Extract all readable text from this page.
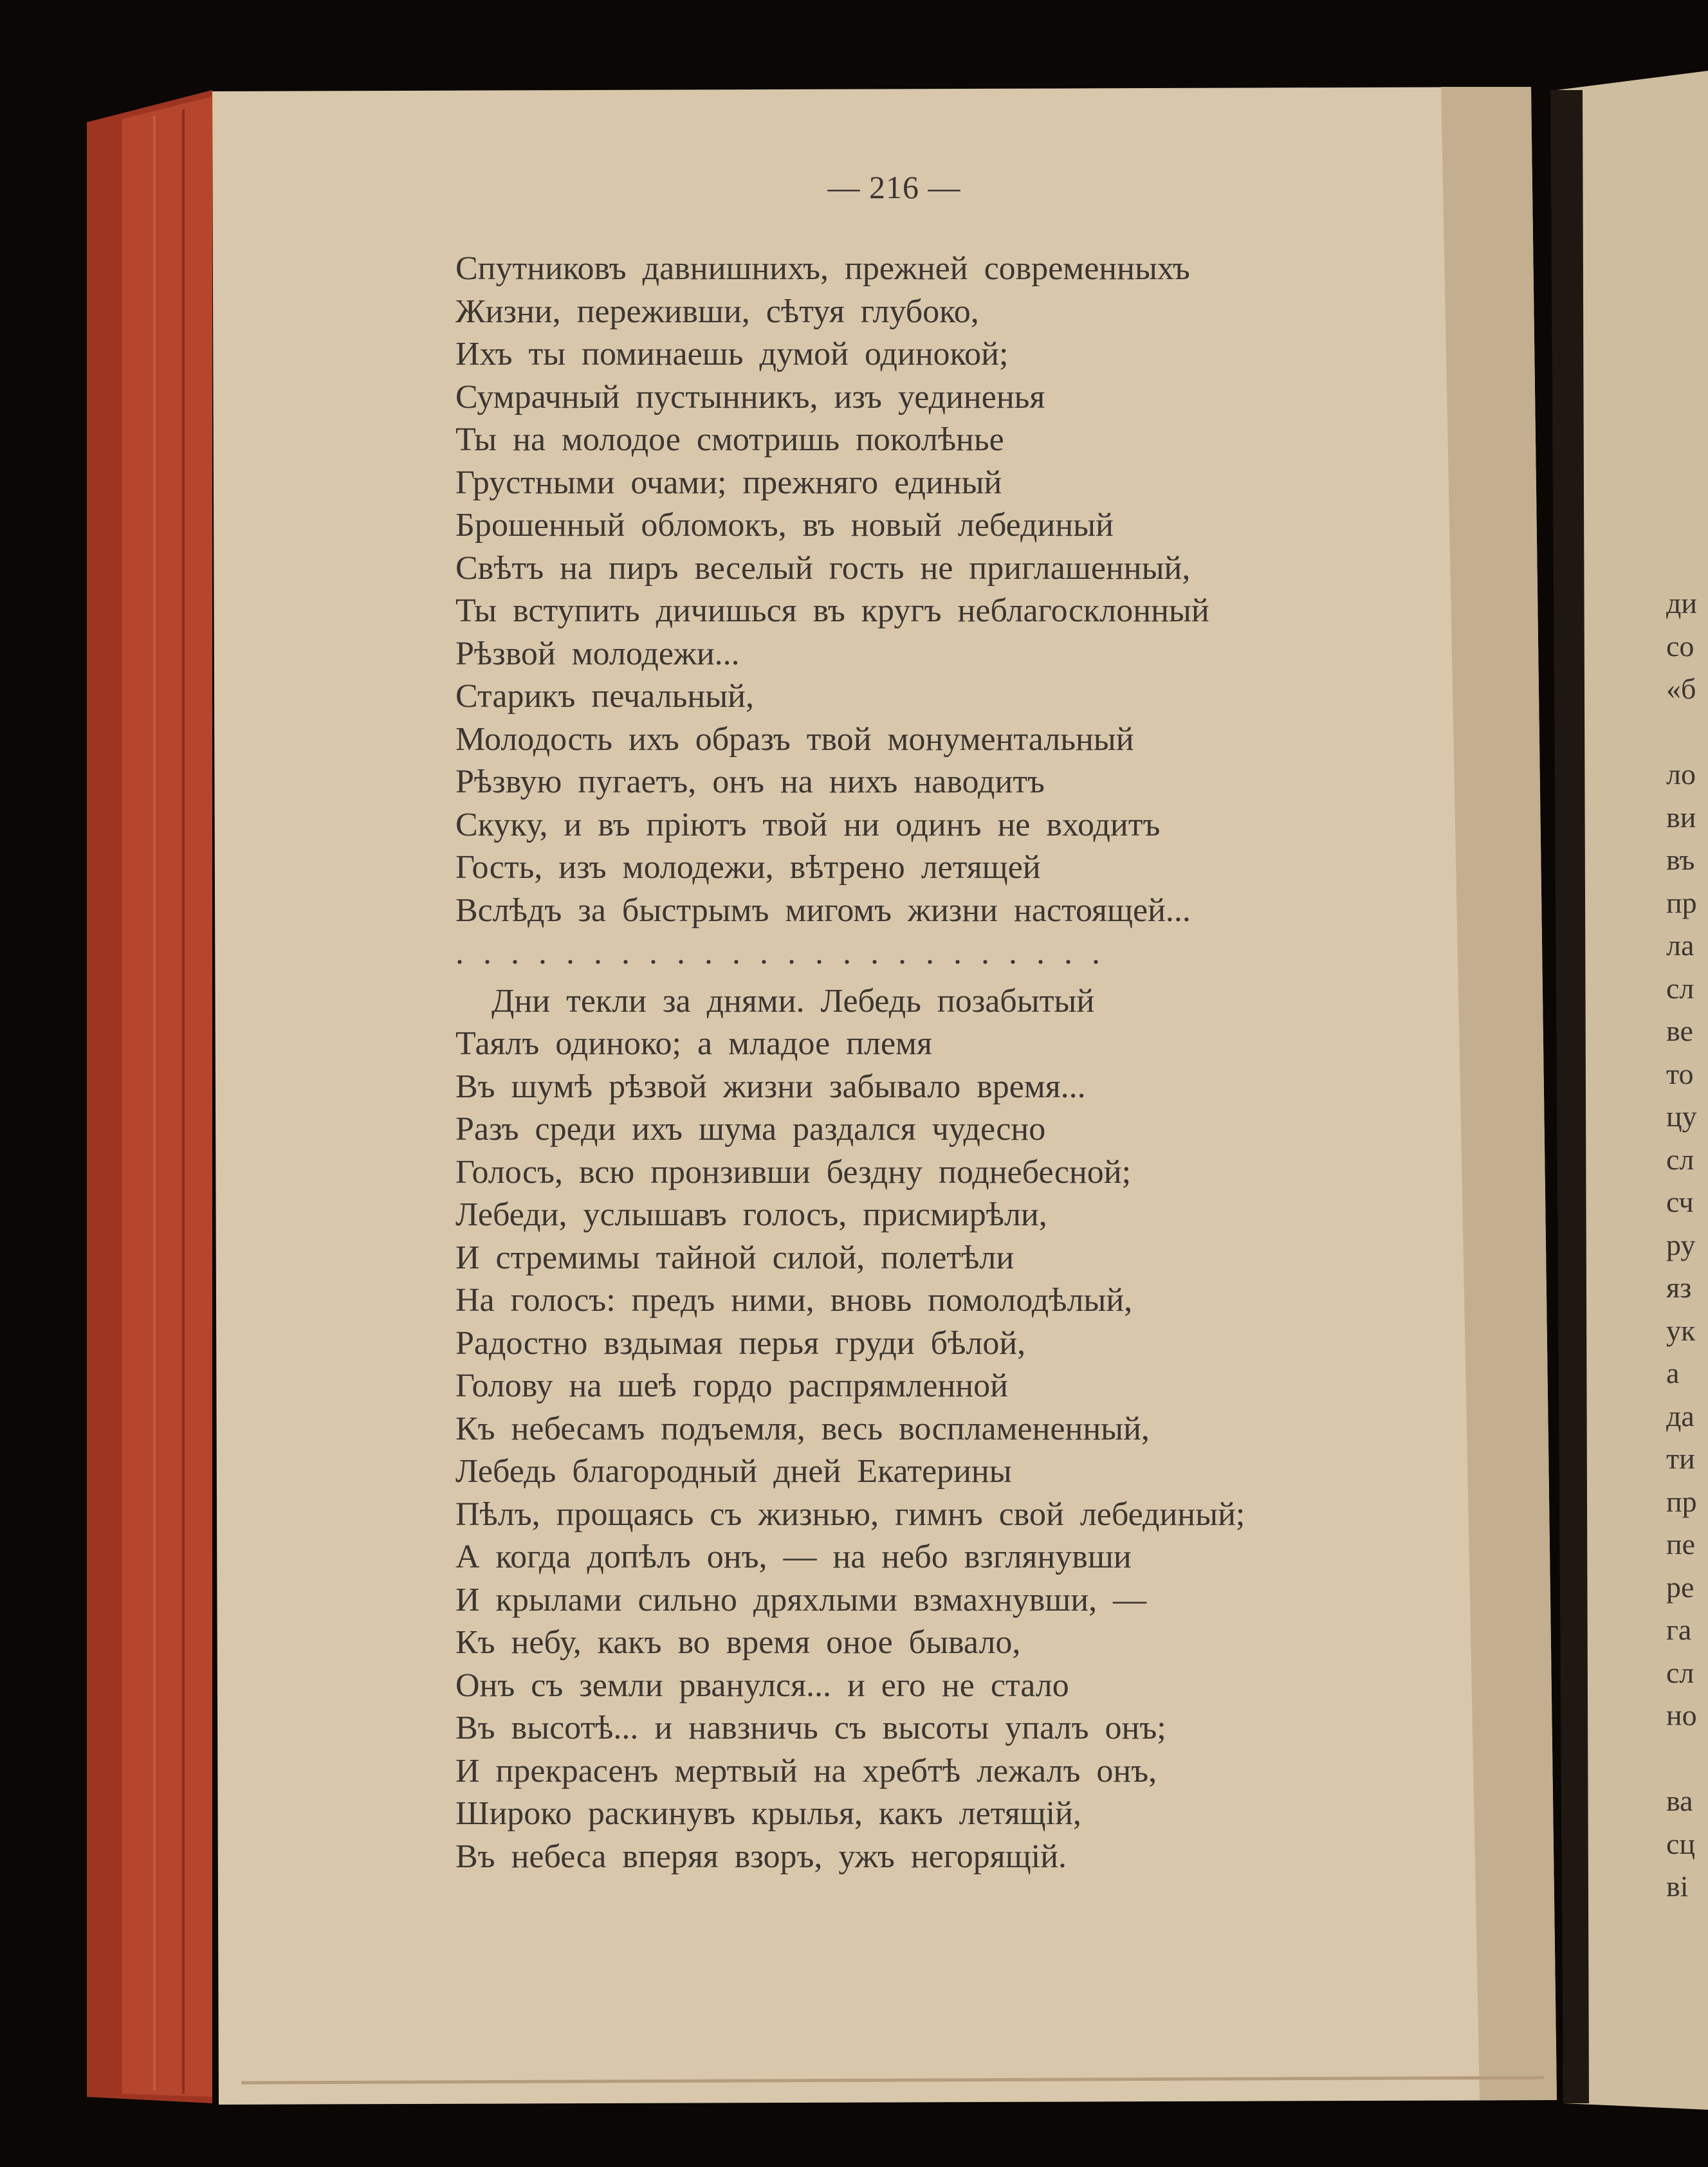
— 216 —
Спутниковъ давнишнихъ, прежней современныхъ
Жизни, переживши, сѣтуя глубоко,
Ихъ ты поминаешь думой одинокой;
Сумрачный пустынникъ, изъ уединенья
Ты на молодое смотришь поколѣнье
Грустными очами; прежняго единый
Брошенный обломокъ, въ новый лебединый
Свѣтъ на пиръ веселый гость не приглашенный,
Ты вступить дичишься въ кругъ неблагосклонный
Рѣзвой молодежи...
Старикъ печальный,
Молодость ихъ образъ твой монументальный
Рѣзвую пугаетъ, онъ на нихъ наводитъ
Скуку, и въ пріютъ твой ни одинъ не входитъ
Гость, изъ молодежи, вѣтрено летящей
Вслѣдъ за быстрымъ мигомъ жизни настоящей...
........................
Дни текли за днями. Лебедь позабытый
Таялъ одиноко; а младое племя
Въ шумѣ рѣзвой жизни забывало время...
Разъ среди ихъ шума раздался чудесно
Голосъ, всю пронзивши бездну поднебесной;
Лебеди, услышавъ голосъ, присмирѣли,
И стремимы тайной силой, полетѣли
На голосъ: предъ ними, вновь помолодѣлый,
Радостно вздымая перья груди бѣлой,
Голову на шеѣ гордо распрямленной
Къ небесамъ подъемля, весь воспламененный,
Лебедь благородный дней Екатерины
Пѣлъ, прощаясь съ жизнью, гимнъ свой лебединый;
А когда допѣлъ онъ, — на небо взглянувши
И крылами сильно дряхлыми взмахнувши, —
Къ небу, какъ во время оное бывало,
Онъ съ земли рванулся... и его не стало
Въ высотѣ... и навзничь съ высоты упалъ онъ;
И прекрасенъ мертвый на хребтѣ лежалъ онъ,
Широко раскинувъ крылья, какъ летящій,
Въ небеса вперяя взоръ, ужъ негорящій.
ди
со
«б
ло
ви
въ
пр
ла
сл
ве
то
цу
сл
сч
ру
яз
ук
а
да
ти
пр
пе
ре
га
сл
но
ва
сц
ві
